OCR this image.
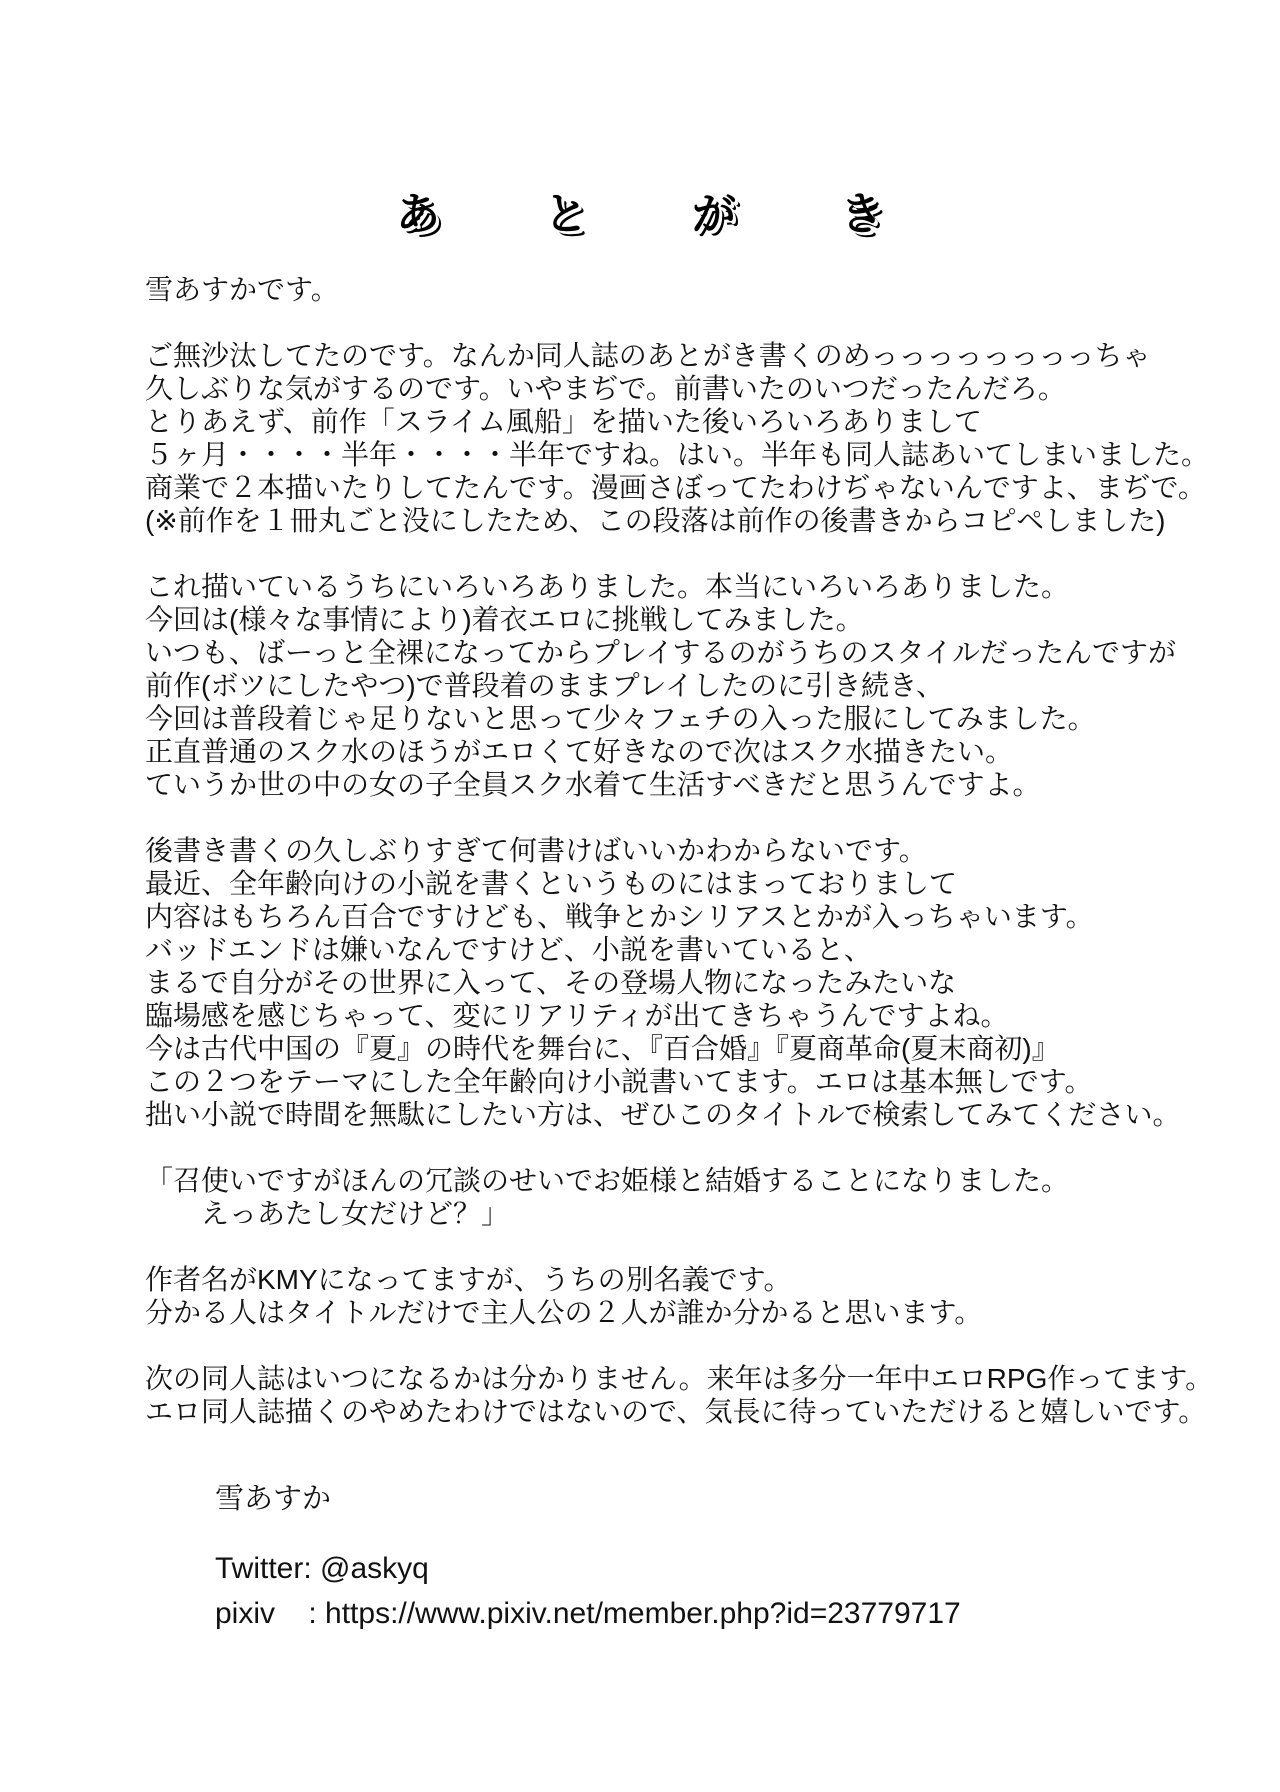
あ　と　が　き
雪あすかです。
ご無沙汰してたのです。なんか同人誌のあとがき書くのめっっっっっっっっちゃ
久しぶりな気がするのです。いやまぢで。前書いたのいつだったんだろ。
とりあえず、前作「スライム風船」を描いた後いろいろありまして
５ヶ月・・・・半年・・・・半年ですね。はい。半年も同人誌あいてしまいました。
商業で２本描いたりしてたんです。漫画さぼってたわけぢゃないんですよ、まぢで。
(※前作を１冊丸ごと没にしたため、この段落は前作の後書きからコピペしました)
これ描いているうちにいろいろありました。本当にいろいろありました。
今回は(様々な事情により)着衣エロに挑戦してみました。
いつも、ばーっと全裸になってからプレイするのがうちのスタイルだったんですが
前作(ボツにしたやつ)で普段着のままプレイしたのに引き続き、
今回は普段着じゃ足りないと思って少々フェチの入った服にしてみました。
正直普通のスク水のほうがエロくて好きなので次はスク水描きたい。
ていうか世の中の女の子全員スク水着て生活すべきだと思うんですよ。
後書き書くの久しぶりすぎて何書けばいいかわからないです。
最近、全年齢向けの小説を書くというものにはまっておりまして
内容はもちろん百合ですけども、戦争とかシリアスとかが入っちゃいます。
バッドエンドは嫌いなんですけど、小説を書いていると、
まるで自分がその世界に入って、その登場人物になったみたいな
臨場感を感じちゃって、変にリアリティが出てきちゃうんですよね。
今は古代中国の『夏』の時代を舞台に、『百合婚』『夏商革命(夏末商初)』
この２つをテーマにした全年齢向け小説書いてます。エロは基本無しです。
拙い小説で時間を無駄にしたい方は、ぜひこのタイトルで検索してみてください。
「召使いですがほんの冗談のせいでお姫様と結婚することになりました。
えっあたし女だけど？」
作者名がKMYになってますが、うちの別名義です。
分かる人はタイトルだけで主人公の２人が誰か分かると思います。
次の同人誌はいつになるかは分かりません。来年は多分一年中エロRPG作ってます。
エロ同人誌描くのやめたわけではないので、気長に待っていただけると嬉しいです。
雪あすか
Twitter: @askyq
pixiv    : https://www.pixiv.net/member.php?id=23779717
